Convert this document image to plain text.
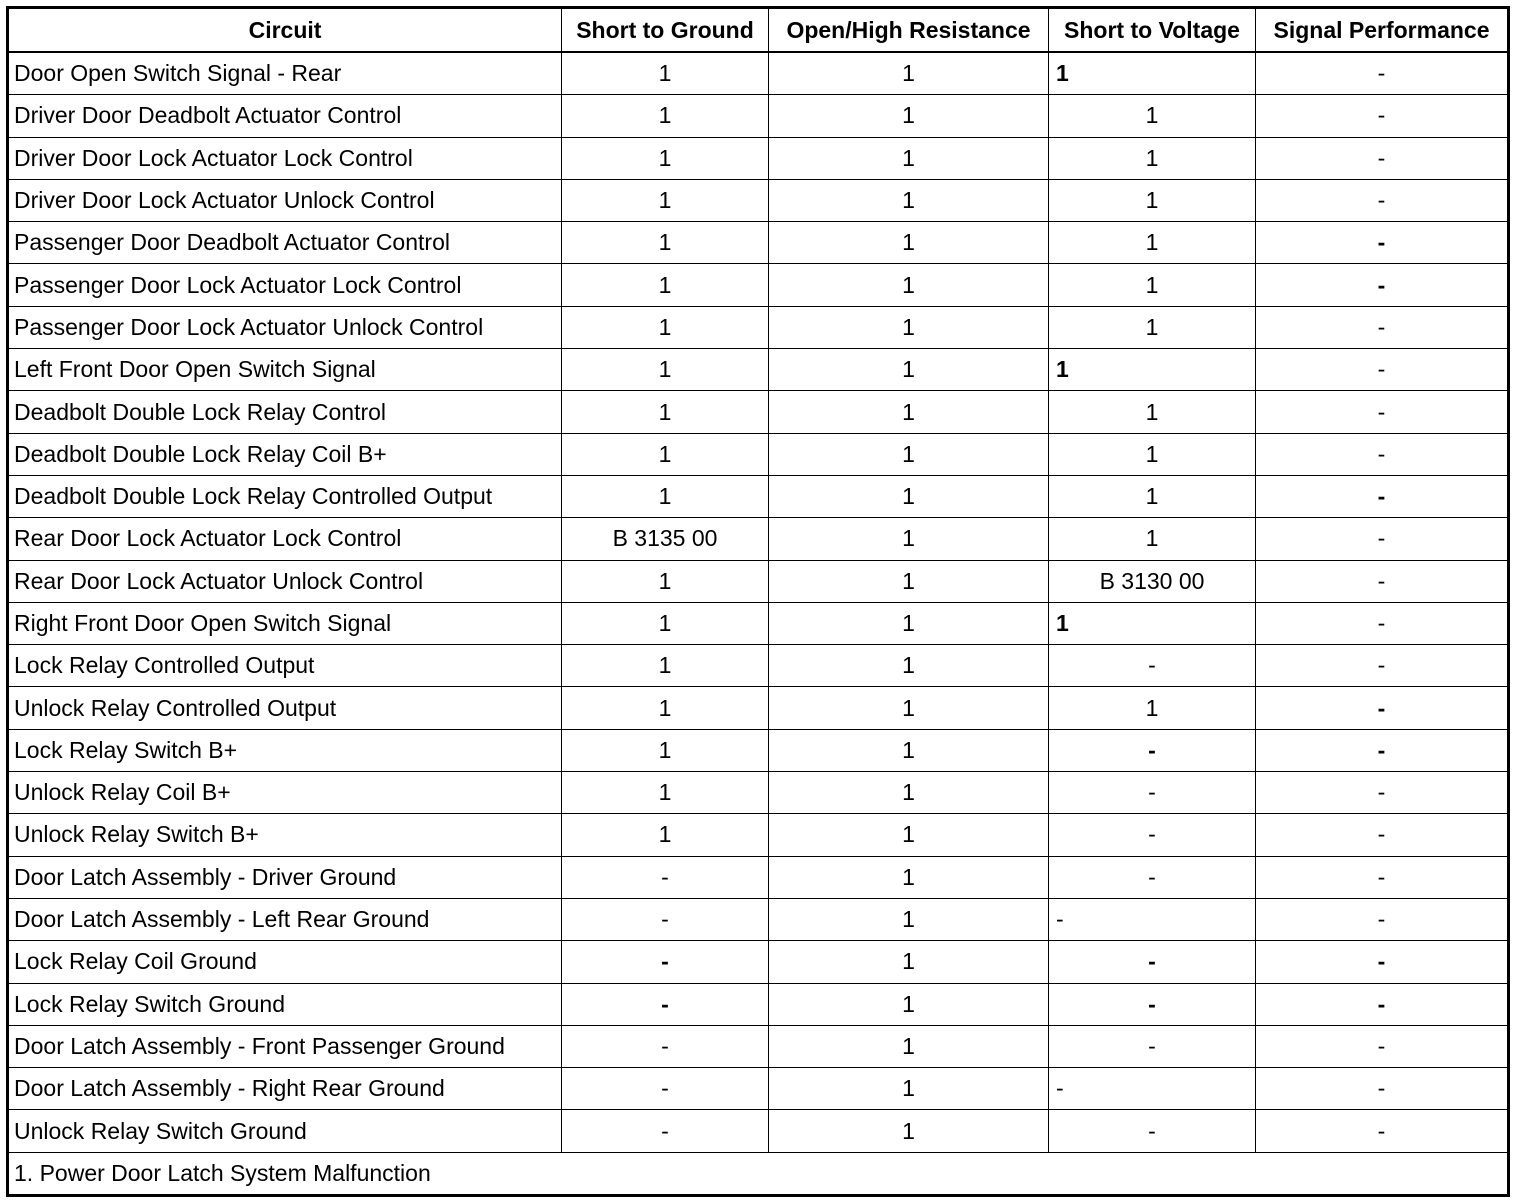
Circuit	Short to Ground	Open/High Resistance	Short to Voltage	Signal Performance
Door Open Switch Signal - Rear	1	1	1	-
Driver Door Deadbolt Actuator Control	1	1	1	-
Driver Door Lock Actuator Lock Control	1	1	1	-
Driver Door Lock Actuator Unlock Control	1	1	1	-
Passenger Door Deadbolt Actuator Control	1	1	1	-
Passenger Door Lock Actuator Lock Control	1	1	1	-
Passenger Door Lock Actuator Unlock Control	1	1	1	-
Left Front Door Open Switch Signal	1	1	1	-
Deadbolt Double Lock Relay Control	1	1	1	-
Deadbolt Double Lock Relay Coil B+	1	1	1	-
Deadbolt Double Lock Relay Controlled Output	1	1	1	-
Rear Door Lock Actuator Lock Control	B 3135 00	1	1	-
Rear Door Lock Actuator Unlock Control	1	1	B 3130 00	-
Right Front Door Open Switch Signal	1	1	1	-
Lock Relay Controlled Output	1	1	-	-
Unlock Relay Controlled Output	1	1	1	-
Lock Relay Switch B+	1	1	-	-
Unlock Relay Coil B+	1	1	-	-
Unlock Relay Switch B+	1	1	-	-
Door Latch Assembly - Driver Ground	-	1	-	-
Door Latch Assembly - Left Rear Ground	-	1	-	-
Lock Relay Coil Ground	-	1	-	-
Lock Relay Switch Ground	-	1	-	-
Door Latch Assembly - Front Passenger Ground	-	1	-	-
Door Latch Assembly - Right Rear Ground	-	1	-	-
Unlock Relay Switch Ground	-	1	-	-
1. Power Door Latch System Malfunction				
